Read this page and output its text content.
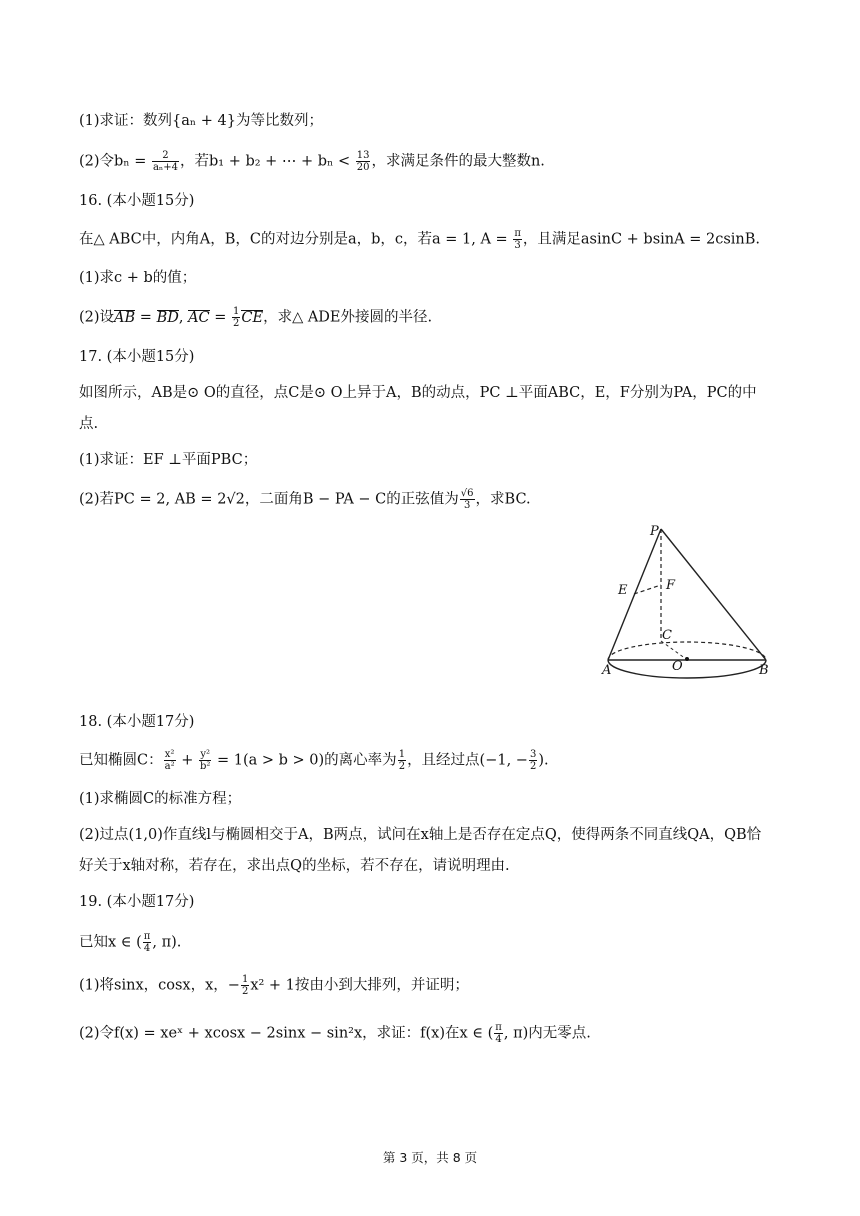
(1)求证：数列{aₙ + 4}为等比数列；
(2)令$b_n = \frac{2}{\text{aₙ+4}}$ ，若b₁ + b₂ + ⋯ + $b_n < \frac{13}{20}$ ，求满足条件的最大整数n.
16. (本小题15分)
在△ ABC中，内角A，B，C的对边分别是a，b，c，若a = 1, $A = \frac{\pi}{3}$ ，且满足asinC + bsinA = 2csinB.
(1)求c + b的值；
(2)设AB = BD, AC = $\frac{1}{2}$ CE，求△ ADE外接圆的半径.
17. (本小题15分)
如图所示，AB是⊙ O的直径，点C是⊙ O上异于A，B的动点，PC ⊥平面ABC，E，F分别为PA，PC的中
点.
(1)求证：EF ⊥平面PBC；
(2)若PC = 2, AB = 2√2，二面角B − PA − C的正弦值为 $\frac{√6}{3}$ ，求BC.
P
E	F
C
A	O	B
18. (本小题17分)
已知椭圆C： $\frac{\text{x²}}{\text{a²}} + \frac{\text{y²}}{\text{b²}} = 1(a > b > 0)$的离心率为 $\frac{1}{2}$ ，且经过点(−1, − $\frac{3}{2}$ ).
(1)求椭圆C的标准方程；
(2)过点(1,0)作直线l与椭圆相交于A，B两点，试问在x轴上是否存在定点Q，使得两条不同直线QA，QB恰
好关于x轴对称，若存在，求出点Q的坐标，若不存在，请说明理由.
19. (本小题17分)
已知x ∈ ( $\frac{\pi}{4}$ , π).
(1)将sinx，cosx，x，− $\frac{1}{2} x^2 + 1$按由小到大排列，并证明；
(2)令f(x) = xeˣ + xcosx − 2sinx − sin²x，求证：f(x)在x ∈ ( $\frac{\pi}{4}$ , π)内无零点.
第 3 页，共 8 页
